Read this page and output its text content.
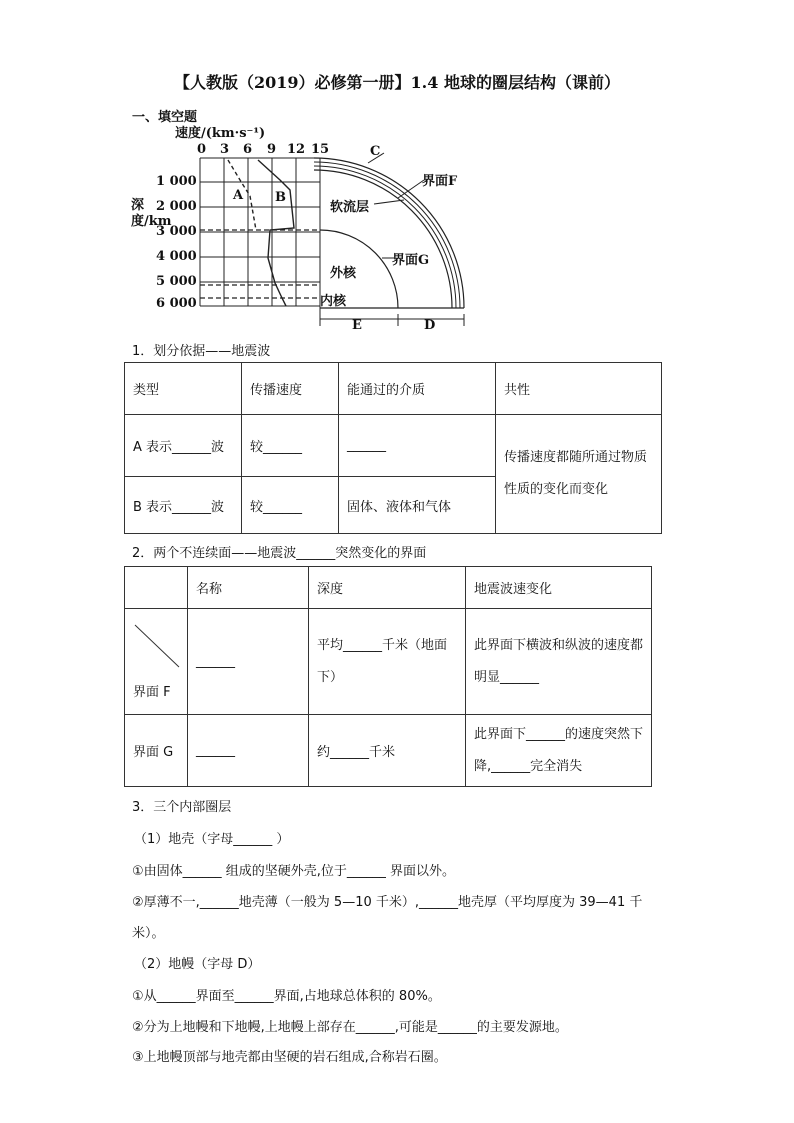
【人教版（2019）必修第一册】1.4 地球的圈层结构（课前）
一、填空题
速度/(km·s⁻¹)
0 3 6 9 12 15
1 000
2 000
3 000
4 000
5 000
6 000
深度/km
A B
C
界面F
软流层
界面G
外核
内核
E	D
1．划分依据——地震波
类型	传播速度	能通过的介质	共性
A 表示______波	较______	______	传播速度都随所通过物质性质的变化而变化
B 表示______波	较______	固体、液体和气体	
2．两个不连续面——地震波______突然变化的界面
	名称	深度	地震波速变化

界面 F	______	平均______千米（地面下）	此界面下横波和纵波的速度都明显______
界面 G	______	约______千米	此界面下______的速度突然下降,______完全消失
3．三个内部圈层
（1）地壳（字母______ ）
①由固体______ 组成的坚硬外壳,位于______ 界面以外。
②厚薄不一,______地壳薄（一般为 5—10 千米）,______地壳厚（平均厚度为 39—41 千
米）。
（2）地幔（字母 D）
①从______界面至______界面,占地球总体积的 80%。
②分为上地幔和下地幔,上地幔上部存在______,可能是______的主要发源地。
③上地幔顶部与地壳都由坚硬的岩石组成,合称岩石圈。
